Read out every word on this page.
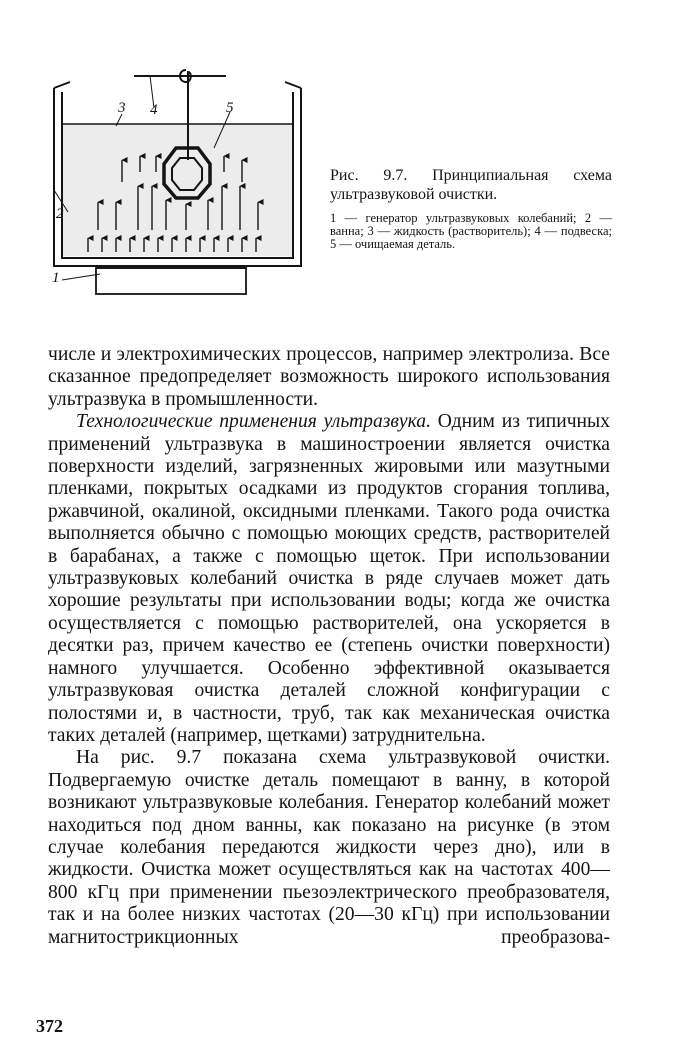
3 4	5
2
1

Рис. 9.7. Принципиальная схема ультразвуковой очистки.

1 — генератор ультразвуковых колебаний; 2 — ванна; 3 — жидкость (растворитель); 4 — подвеска; 5 — очищаемая деталь.

числе и электрохимических процессов, например электролиза. Все сказанное предопределяет возможность широкого использования ультразвука в промышленности.

Технологические применения ультразвука. Одним из типичных применений ультразвука в машиностроении является очистка поверхности изделий, загрязненных жировыми или мазутными пленками, покрытых осадками из продуктов сгорания топлива, ржавчиной, окалиной, оксидными пленками. Такого рода очистка выполняется обычно с помощью моющих средств, растворителей в барабанах, а также с помощью щеток. При использовании ультразвуковых колебаний очистка в ряде случаев может дать хорошие результаты при использовании воды; когда же очистка осуществляется с помощью растворителей, она ускоряется в десятки раз, причем качество ее (степень очистки поверхности) намного улучшается. Особенно эффективной оказывается ультразвуковая очистка деталей сложной конфигурации с полостями и, в частности, труб, так как механическая очистка таких деталей (например, щетками) затруднительна.

На рис. 9.7 показана схема ультразвуковой очистки. Подвергаемую очистке деталь помещают в ванну, в которой возникают ультразвуковые колебания. Генератор колебаний может находиться под дном ванны, как показано на рисунке (в этом случае колебания передаются жидкости через дно), или в жидкости. Очистка может осуществляться как на частотах 400—800 кГц при применении пьезоэлектрического преобразователя, так и на более низких частотах (20—30 кГц) при использовании магнитострикционных преобразова-

372
